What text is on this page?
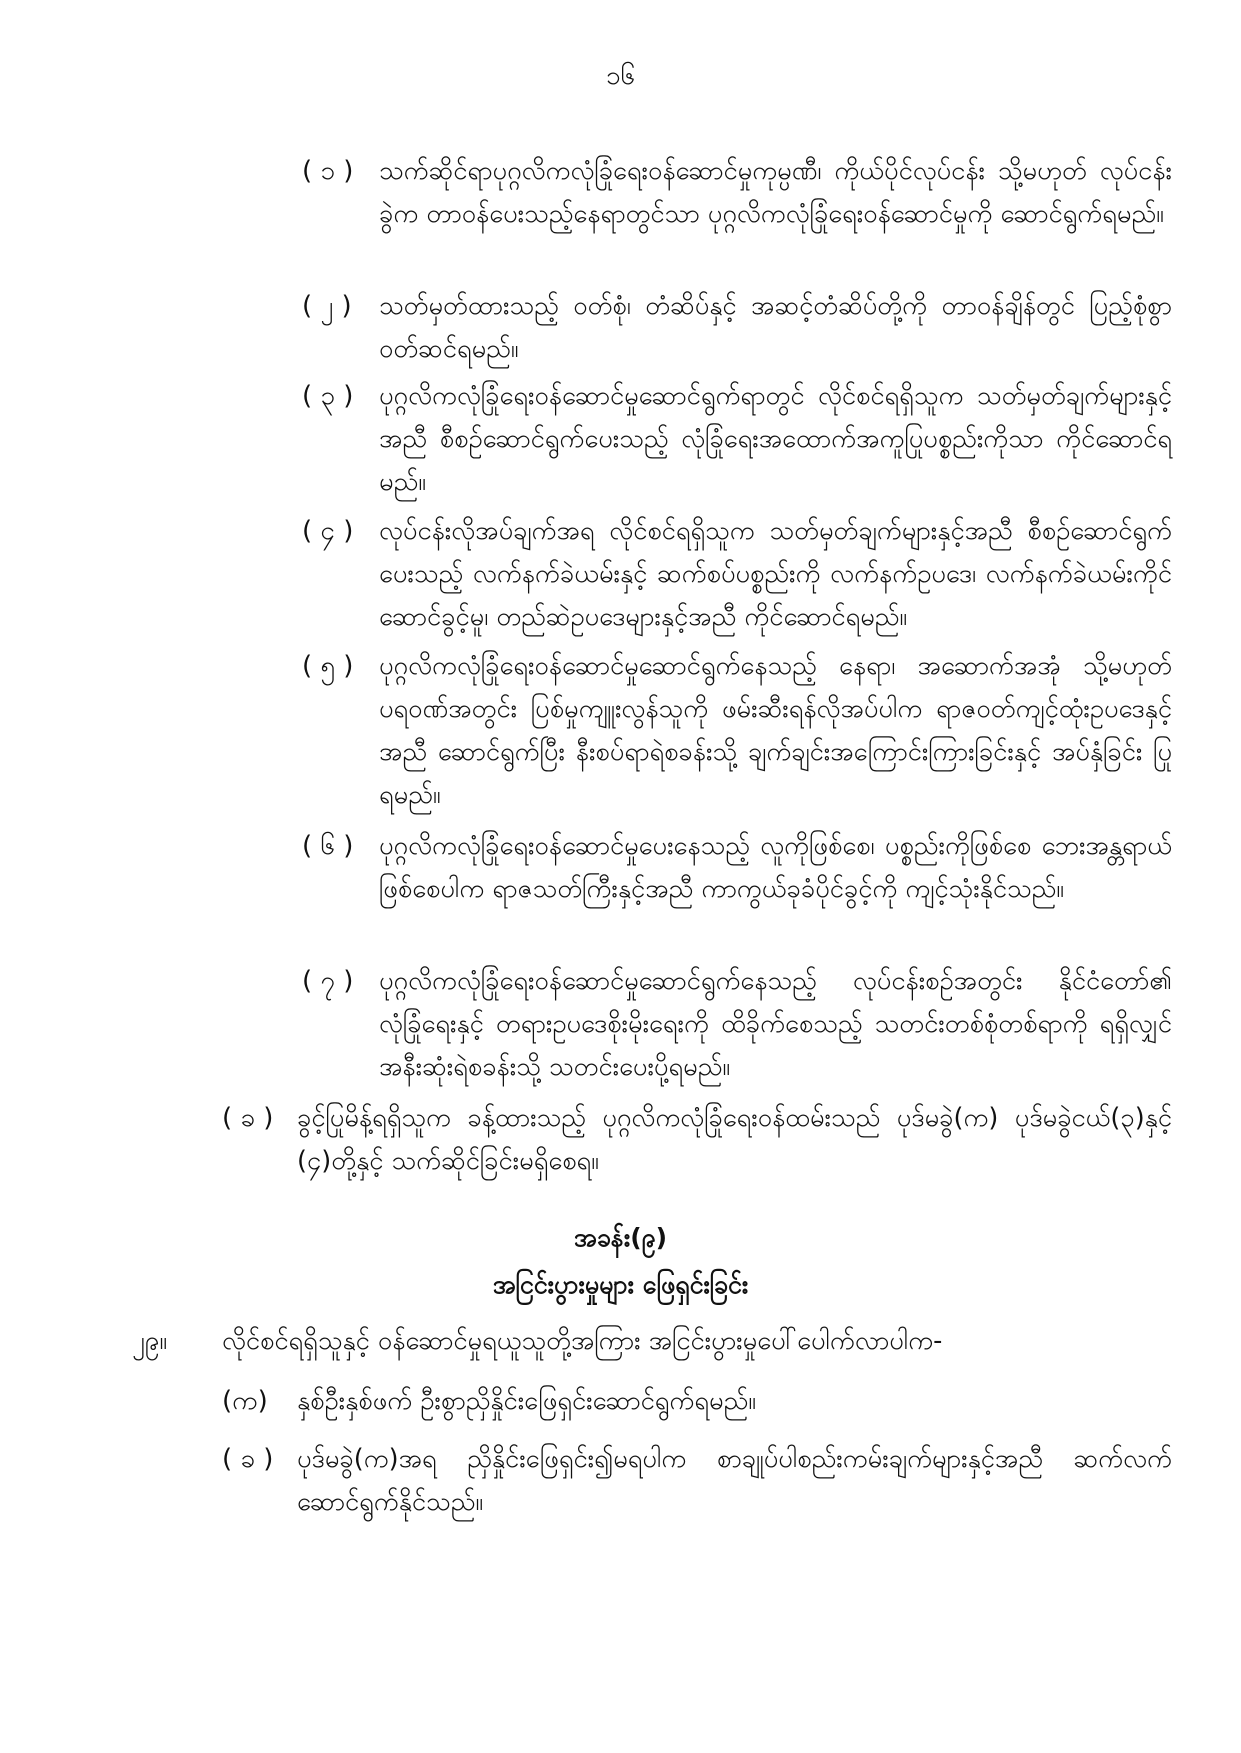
၁၆
( ၁ )	သက်ဆိုင်ရာပုဂ္ဂလိကလုံခြုံရေးဝန်ဆောင်မှုကုမ္ပဏီ၊ ကိုယ်ပိုင်လုပ်ငန်း သို့မဟုတ် လုပ်ငန်းခွဲက တာဝန်ပေးသည့်နေရာတွင်သာ ပုဂ္ဂလိကလုံခြုံရေးဝန်ဆောင်မှုကို ဆောင်ရွက်ရမည်။
( ၂ )	သတ်မှတ်ထားသည့် ဝတ်စုံ၊ တံဆိပ်နှင့် အဆင့်တံဆိပ်တို့ကို တာဝန်ချိန်တွင် ပြည့်စုံစွာဝတ်ဆင်ရမည်။
( ၃ )	ပုဂ္ဂလိကလုံခြုံရေးဝန်ဆောင်မှုဆောင်ရွက်ရာတွင် လိုင်စင်ရရှိသူက သတ်မှတ်ချက်များနှင့်အညီ စီစဉ်ဆောင်ရွက်ပေးသည့် လုံခြုံရေးအထောက်အကူပြုပစ္စည်းကိုသာ ကိုင်ဆောင်ရမည်။
( ၄ )	လုပ်ငန်းလိုအပ်ချက်အရ လိုင်စင်ရရှိသူက သတ်မှတ်ချက်များနှင့်အညီ စီစဉ်ဆောင်ရွက်ပေးသည့် လက်နက်ခဲယမ်းနှင့် ဆက်စပ်ပစ္စည်းကို လက်နက်ဥပဒေ၊ လက်နက်ခဲယမ်းကိုင်ဆောင်ခွင့်မူ၊ တည်ဆဲဥပဒေများနှင့်အညီ ကိုင်ဆောင်ရမည်။
( ၅ )	ပုဂ္ဂလိကလုံခြုံရေးဝန်ဆောင်မှုဆောင်ရွက်နေသည့် နေရာ၊ အဆောက်အအုံ သို့မဟုတ် ပရဝဏ်အတွင်း ပြစ်မှုကျူးလွန်သူကို ဖမ်းဆီးရန်လိုအပ်ပါက ရာဇဝတ်ကျင့်ထုံးဥပဒေနှင့်အညီ ဆောင်ရွက်ပြီး နီးစပ်ရာရဲစခန်းသို့ ချက်ချင်းအကြောင်းကြားခြင်းနှင့် အပ်နှံခြင်း ပြုရမည်။
( ၆ )	ပုဂ္ဂလိကလုံခြုံရေးဝန်ဆောင်မှုပေးနေသည့် လူကိုဖြစ်စေ၊ ပစ္စည်းကိုဖြစ်စေ ဘေးအန္တရာယ်ဖြစ်စေပါက ရာဇသတ်ကြီးနှင့်အညီ ကာကွယ်ခုခံပိုင်ခွင့်ကို ကျင့်သုံးနိုင်သည်။
( ၇ )	ပုဂ္ဂလိကလုံခြုံရေးဝန်ဆောင်မှုဆောင်ရွက်နေသည့် လုပ်ငန်းစဉ်အတွင်း နိုင်ငံတော်၏ လုံခြုံရေးနှင့် တရားဥပဒေစိုးမိုးရေးကို ထိခိုက်စေသည့် သတင်းတစ်စုံတစ်ရာကို ရရှိလျှင် အနီးဆုံးရဲစခန်းသို့ သတင်းပေးပို့ရမည်။
( ခ ) ခွင့်ပြုမိန့်ရရှိသူက ခန့်ထားသည့် ပုဂ္ဂလိကလုံခြုံရေးဝန်ထမ်းသည် ပုဒ်မခွဲ(က) ပုဒ်မခွဲငယ်(၃)နှင့် (၄)တို့နှင့် သက်ဆိုင်ခြင်းမရှိစေရ။
အခန်း(၉)
အငြင်းပွားမှုများ ဖြေရှင်းခြင်း
၂၉။	လိုင်စင်ရရှိသူနှင့် ဝန်ဆောင်မှုရယူသူတို့အကြား အငြင်းပွားမှုပေါ်ပေါက်လာပါက-
(က)	နှစ်ဦးနှစ်ဖက် ဦးစွာညှိနှိုင်းဖြေရှင်းဆောင်ရွက်ရမည်။
( ခ ) ပုဒ်မခွဲ(က)အရ ညှိနှိုင်းဖြေရှင်း၍မရပါက စာချုပ်ပါစည်းကမ်းချက်များနှင့်အညီ ဆက်လက်ဆောင်ရွက်နိုင်သည်။
